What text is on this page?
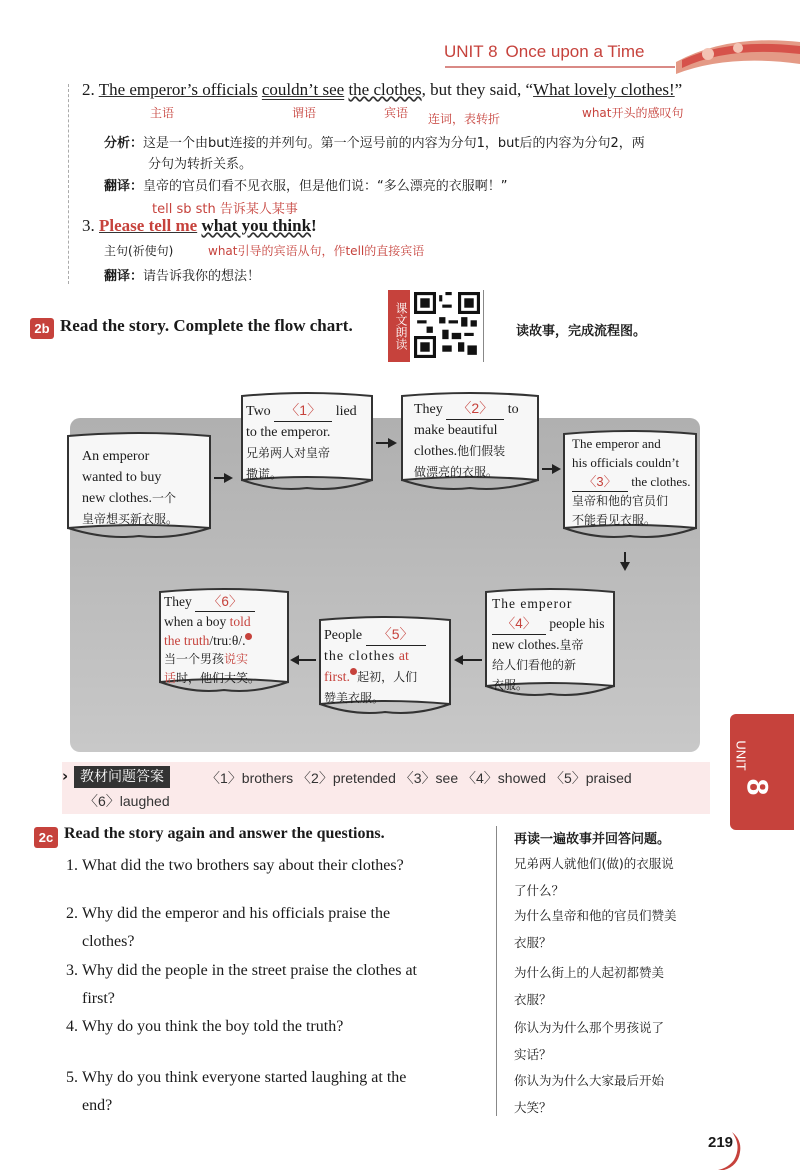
UNIT 8 Once upon a Time
2. The emperor’s officials couldn’t see the clothes, but they said, “What lovely clothes!”
主语	谓语	宾语 连词，表转折	what开头的感叹句
分析：这是一个由but连接的并列句。第一个逗号前的内容为分句1，but后的内容为分句2，两
分句为转折关系。
翻译：皇帝的官员们看不见衣服，但是他们说：“多么漂亮的衣服啊！”
tell sb sth 告诉某人某事
3. Please tell me what you think!
主句(祈使句)	what引导的宾语从句，作tell的直接宾语
翻译：请告诉我你的想法！
2b Read the story. Complete the flow chart.	课文朗读	读故事，完成流程图。
An emperor
wanted to buy
new clothes.一个
皇帝想买新衣服。
Two 〈1〉 lied
to the emperor.
兄弟两人对皇帝
撒谎。
They 〈2〉 to
make beautiful
clothes.他们假装
做漂亮的衣服。
The emperor and
his officials couldn’t
〈3〉 the clothes.
皇帝和他的官员们
不能看见衣服。
The emperor
〈4〉 people his
new clothes.皇帝
给人们看他的新
衣服。
People 〈5〉
the clothes at
first. 起初，人们
赞美衣服。
They 〈6〉
when a boy told
the truth/truːθ/.
当一个男孩说实
话时，他们大笑。
› 教材问题答案	〈1〉brothers 〈2〉pretended 〈3〉see 〈4〉showed 〈5〉praised
〈6〉laughed
UNIT
8
2c Read the story again and answer the questions.	再读一遍故事并回答问题。
1. What did the two brothers say about their clothes?
2. Why did the emperor and his officials praise the
clothes?
3. Why did the people in the street praise the clothes at
first?
4. Why do you think the boy told the truth?
5. Why do you think everyone started laughing at the
end?
兄弟两人就他们(做)的衣服说
了什么？
为什么皇帝和他的官员们赞美
衣服？
为什么街上的人起初都赞美
衣服？
你认为为什么那个男孩说了
实话？
你认为为什么大家最后开始
大笑？
219
